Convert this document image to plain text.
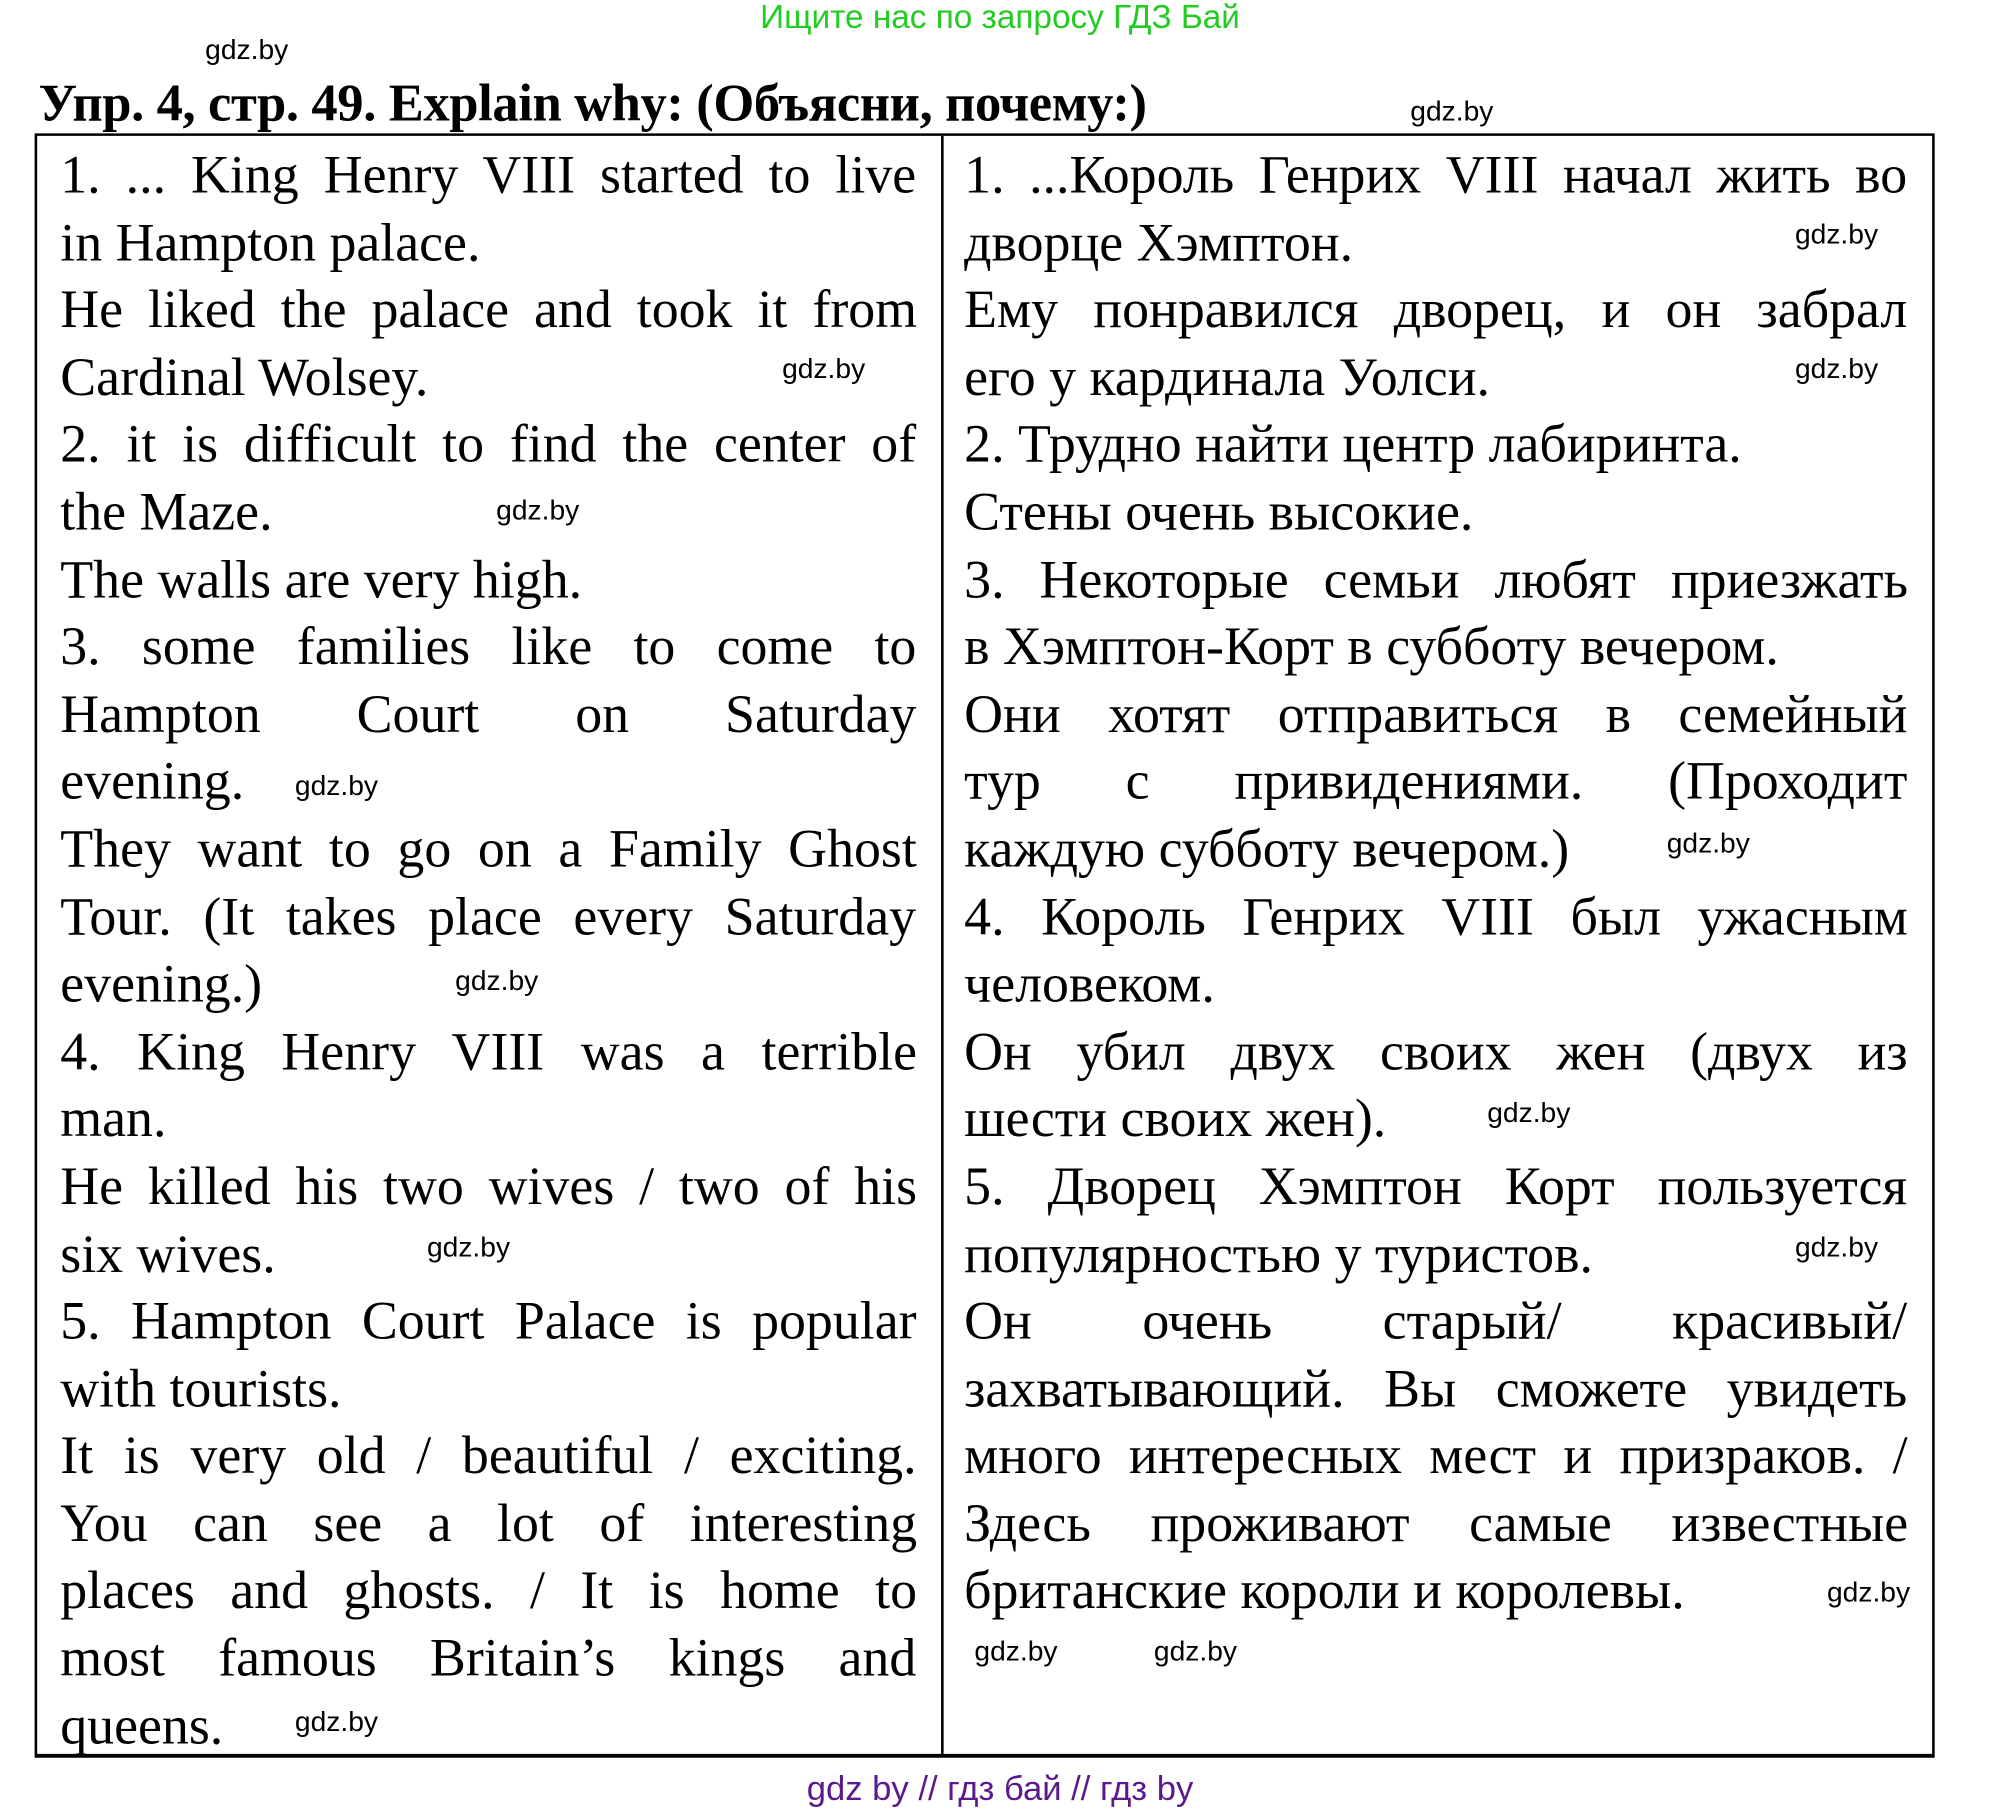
Ищите нас по запросу ГДЗ Бай
Упр. 4, стр. 49. Explain why: (Объясни, почему:)
1. ... King Henry VIII started to live
in Hampton palace.
He liked the palace and took it from
Cardinal Wolsey.
2. it is difficult to find the center of
the Maze.
The walls are very high.
3. some families like to come to
Hampton Court on Saturday
evening.
They want to go on a Family Ghost
Tour. (It takes place every Saturday
evening.)
4. King Henry VIII was a terrible
man.
He killed his two wives / two of his
six wives.
5. Hampton Court Palace is popular
with tourists.
It is very old / beautiful / exciting.
You can see a lot of interesting
places and ghosts. / It is home to
most famous Britain’s kings and
queens.
1. ...Король Генрих VIII начал жить во
дворце Хэмптон.
Ему понравился дворец, и он забрал
его у кардинала Уолси.
2. Трудно найти центр лабиринта.
Стены очень высокие.
3. Некоторые семьи любят приезжать
в Хэмптон-Корт в субботу вечером.
Они хотят отправиться в семейный
тур с привидениями. (Проходит
каждую субботу вечером.)
4. Король Генрих VIII был ужасным
человеком.
Он убил двух своих жен (двух из
шести своих жен).
5. Дворец Хэмптон Корт пользуется
популярностью у туристов.
Он очень старый/ красивый/
захватывающий. Вы сможете увидеть
много интересных мест и призраков. /
Здесь проживают самые известные
британские короли и королевы.
gdz.by
gdz.by
gdz.by
gdz.by
gdz.by
gdz.by
gdz.by
gdz.by
gdz.by
gdz.by
gdz.by
gdz.by
gdz.by
gdz.by
gdz.by
gdz.by
gdz by // гдз бай // гдз by
